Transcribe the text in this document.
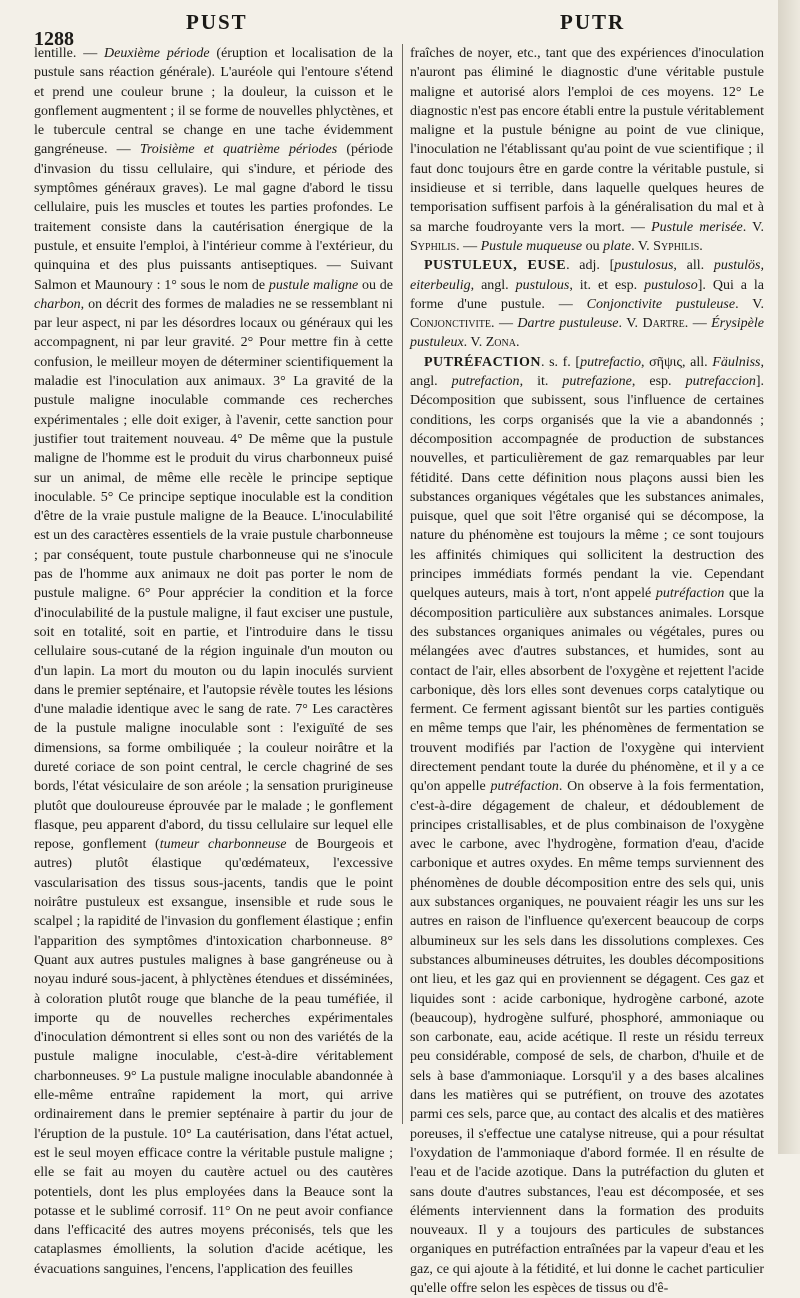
1288
PUST	PUTR

lentille. — Deuxième période (éruption et localisation de la pustule sans réaction générale). L'auréole qui l'entoure s'étend et prend une couleur brune ; la douleur, la cuisson et le gonflement augmentent ; il se forme de nouvelles phlyctènes, et le tubercule central se change en une tache évidemment gangréneuse. — Troisième et quatrième périodes (période d'invasion du tissu cellulaire, qui s'indure, et période des symptômes généraux graves). Le mal gagne d'abord le tissu cellulaire, puis les muscles et toutes les parties profondes. Le traitement consiste dans la cautérisation énergique de la pustule, et ensuite l'emploi, à l'intérieur comme à l'extérieur, du quinquina et des plus puissants antiseptiques. — Suivant Salmon et Maunoury : 1° sous le nom de pustule maligne ou de charbon, on décrit des formes de maladies ne se ressemblant ni par leur aspect, ni par les désordres locaux ou généraux qui les accompagnent, ni par leur gravité. 2° Pour mettre fin à cette confusion, le meilleur moyen de déterminer scientifiquement la maladie est l'inoculation aux animaux. 3° La gravité de la pustule maligne inoculable commande ces recherches expérimentales ; elle doit exiger, à l'avenir, cette sanction pour justifier tout traitement nouveau. 4° De même que la pustule maligne de l'homme est le produit du virus charbonneux puisé sur un animal, de même elle recèle le principe septique inoculable. 5° Ce principe septique inoculable est la condition d'être de la vraie pustule maligne de la Beauce. L'inoculabilité est un des caractères essentiels de la vraie pustule charbonneuse ; par conséquent, toute pustule charbonneuse qui ne s'inocule pas de l'homme aux animaux ne doit pas porter le nom de pustule maligne. 6° Pour apprécier la condition et la force d'inoculabilité de la pustule maligne, il faut exciser une pustule, soit en totalité, soit en partie, et l'introduire dans le tissu cellulaire sous-cutané de la région inguinale d'un mouton ou d'un lapin. La mort du mouton ou du lapin inoculés survient dans le premier septénaire, et l'autopsie révèle toutes les lésions d'une maladie identique avec le sang de rate. 7° Les caractères de la pustule maligne inoculable sont : l'exiguïté de ses dimensions, sa forme ombiliquée ; la couleur noirâtre et la dureté coriace de son point central, le cercle chagriné de ses bords, l'état vésiculaire de son aréole ; la sensation prurigineuse plutôt que douloureuse éprouvée par le malade ; le gonflement flasque, peu apparent d'abord, du tissu cellulaire sur lequel elle repose, gonflement (tumeur charbonneuse de Bourgeois et autres) plutôt élastique qu'œdémateux, l'excessive vascularisation des tissus sous-jacents, tandis que le point noirâtre pustuleux est exsangue, insensible et rude sous le scalpel ; la rapidité de l'invasion du gonflement élastique ; enfin l'apparition des symptômes d'intoxication charbonneuse. 8° Quant aux autres pustules malignes à base gangréneuse ou à noyau induré sous-jacent, à phlyctènes étendues et disséminées, à coloration plutôt rouge que blanche de la peau tuméfiée, il importe qu de nouvelles recherches expérimentales d'inoculation démontrent si elles sont ou non des variétés de la pustule maligne inoculable, c'est-à-dire véritablement charbonneuses. 9° La pustule maligne inoculable abandonnée à elle-même entraîne rapidement la mort, qui arrive ordinairement dans le premier septénaire à partir du jour de l'éruption de la pustule. 10° La cautérisation, dans l'état actuel, est le seul moyen efficace contre la véritable pustule maligne ; elle se fait au moyen du cautère actuel ou des cautères potentiels, dont les plus employées dans la Beauce sont la potasse et le sublimé corrosif. 11° On ne peut avoir confiance dans l'efficacité des autres moyens préconisés, tels que les cataplasmes émollients, la solution d'acide acétique, les évacuations sanguines, l'encens, l'application des feuilles

fraîches de noyer, etc., tant que des expériences d'inoculation n'auront pas éliminé le diagnostic d'une véritable pustule maligne et autorisé alors l'emploi de ces moyens. 12° Le diagnostic n'est pas encore établi entre la pustule véritablement maligne et la pustule bénigne au point de vue clinique, l'inoculation ne l'établissant qu'au point de vue scientifique ; il faut donc toujours être en garde contre la véritable pustule, si insidieuse et si terrible, dans laquelle quelques heures de temporisation suffisent parfois à la généralisation du mal et à sa marche foudroyante vers la mort. — Pustule merisée. V. Syphilis. — Pustule muqueuse ou plate. V. Syphilis.

PUSTULEUX, EUSE. adj. [pustulosus, all. pustulös, eiterbeulig, angl. pustulous, it. et esp. pustuloso]. Qui a la forme d'une pustule. — Conjonctivite pustuleuse. V. Conjonctivite. — Dartre pustuleuse. V. Dartre. — Érysipèle pustuleux. V. Zona.

PUTRÉFACTION. s. f. [putrefactio, σῆψις, all. Fäulniss, angl. putrefaction, it. putrefazione, esp. putrefaccion]. Décomposition que subissent, sous l'influence de certaines conditions, les corps organisés que la vie a abandonnés ; décomposition accompagnée de production de substances nouvelles, et particulièrement de gaz remarquables par leur fétidité. Dans cette définition nous plaçons aussi bien les substances organiques végétales que les substances animales, puisque, quel que soit l'être organisé qui se décompose, la nature du phénomène est toujours la même ; ce sont toujours les affinités chimiques qui sollicitent la destruction des principes immédiats formés pendant la vie. Cependant quelques auteurs, mais à tort, n'ont appelé putréfaction que la décomposition particulière aux substances animales. Lorsque des substances organiques animales ou végétales, pures ou mélangées avec d'autres substances, et humides, sont au contact de l'air, elles absorbent de l'oxygène et rejettent l'acide carbonique, dès lors elles sont devenues corps catalytique ou ferment. Ce ferment agissant bientôt sur les parties contiguës en même temps que l'air, les phénomènes de fermentation se trouvent modifiés par l'action de l'oxygène qui intervient directement pendant toute la durée du phénomène, et il y a ce qu'on appelle putréfaction. On observe à la fois fermentation, c'est-à-dire dégagement de chaleur, et dédoublement de principes cristallisables, et de plus combinaison de l'oxygène avec le carbone, avec l'hydrogène, formation d'eau, d'acide carbonique et autres oxydes. En même temps surviennent des phénomènes de double décomposition entre des sels qui, unis aux substances organiques, ne pouvaient réagir les uns sur les autres en raison de l'influence qu'exercent beaucoup de corps albumineux sur les sels dans les dissolutions complexes. Ces substances albumineuses détruites, les doubles décompositions ont lieu, et les gaz qui en proviennent se dégagent. Ces gaz et liquides sont : acide carbonique, hydrogène carboné, azote (beaucoup), hydrogène sulfuré, phosphoré, ammoniaque ou son carbonate, eau, acide acétique. Il reste un résidu terreux peu considérable, composé de sels, de charbon, d'huile et de sels à base d'ammoniaque. Lorsqu'il y a des bases alcalines dans les matières qui se putréfient, on trouve des azotates parmi ces sels, parce que, au contact des alcalis et des matières poreuses, il s'effectue une catalyse nitreuse, qui a pour résultat l'oxydation de l'ammoniaque d'abord formée. Il en résulte de l'eau et de l'acide azotique. Dans la putréfaction du gluten et sans doute d'autres substances, l'eau est décomposée, et ses éléments interviennent dans la formation des produits nouveaux. Il y a toujours des particules de substances organiques en putréfaction entraînées par la vapeur d'eau et les gaz, ce qui ajoute à la fétidité, et lui donne le cachet particulier qu'elle offre selon les espèces de tissus ou d'ê-
